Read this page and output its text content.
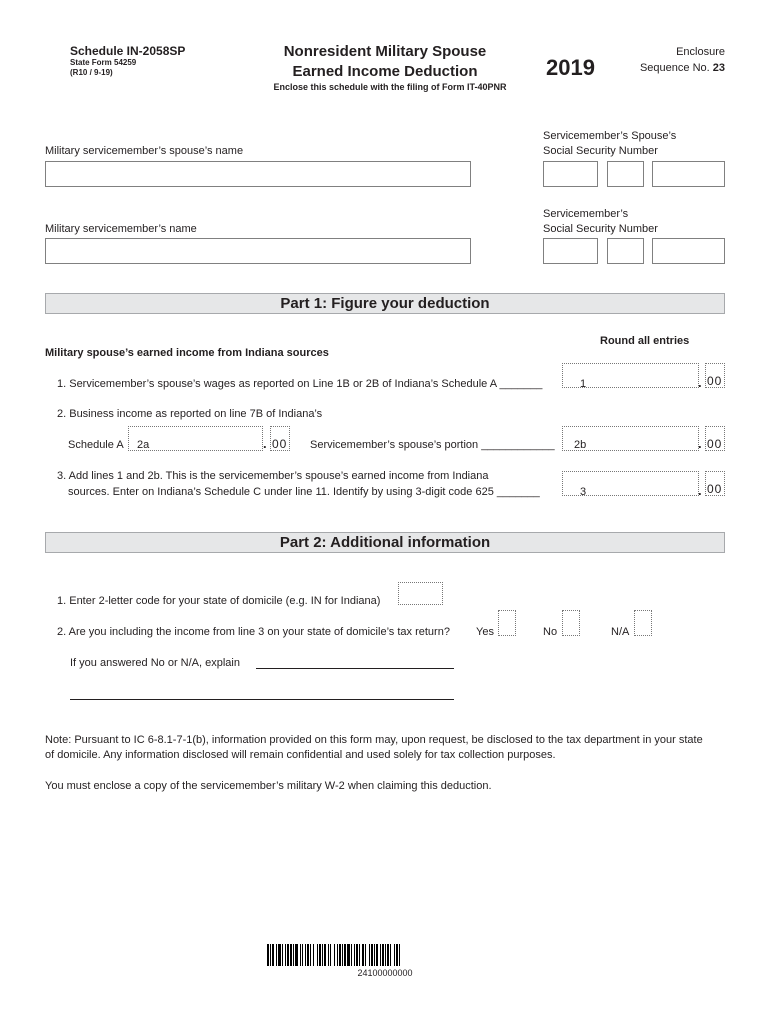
Schedule IN-2058SP
State Form 54259
(R10 / 9-19)
Nonresident Military Spouse
Earned Income Deduction
Enclose this schedule with the filing of Form IT-40PNR
2019
Enclosure
Sequence No. 23
Military servicemember’s spouse’s name
Servicemember’s Spouse’s
Social Security Number
Military servicemember’s name
Servicemember’s
Social Security Number
Part 1: Figure your deduction
Round all entries
Military spouse’s earned income from Indiana sources
1. Servicemember’s spouse’s wages as reported on Line 1B or 2B of Indiana’s Schedule A _______	1	. 00
2. Business income as reported on line 7B of Indiana’s
Schedule A 2a	. 00 Servicemember’s spouse’s portion ____________ 2b	. 00
3. Add lines 1 and 2b. This is the servicemember’s spouse’s earned income from Indiana
sources. Enter on Indiana’s Schedule C under line 11. Identify by using 3-digit code 625 _______	3	. 00
Part 2: Additional information
1. Enter 2-letter code for your state of domicile (e.g. IN for Indiana)
2. Are you including the income from line 3 on your state of domicile’s tax return? Yes	No	N/A
If you answered No or N/A, explain
Note: Pursuant to IC 6-8.1-7-1(b), information provided on this form may, upon request, be disclosed to the tax department in your state
of domicile. Any information disclosed will remain confidential and used solely for tax collection purposes.
You must enclose a copy of the servicemember’s military W-2 when claiming this deduction.
24100000000
